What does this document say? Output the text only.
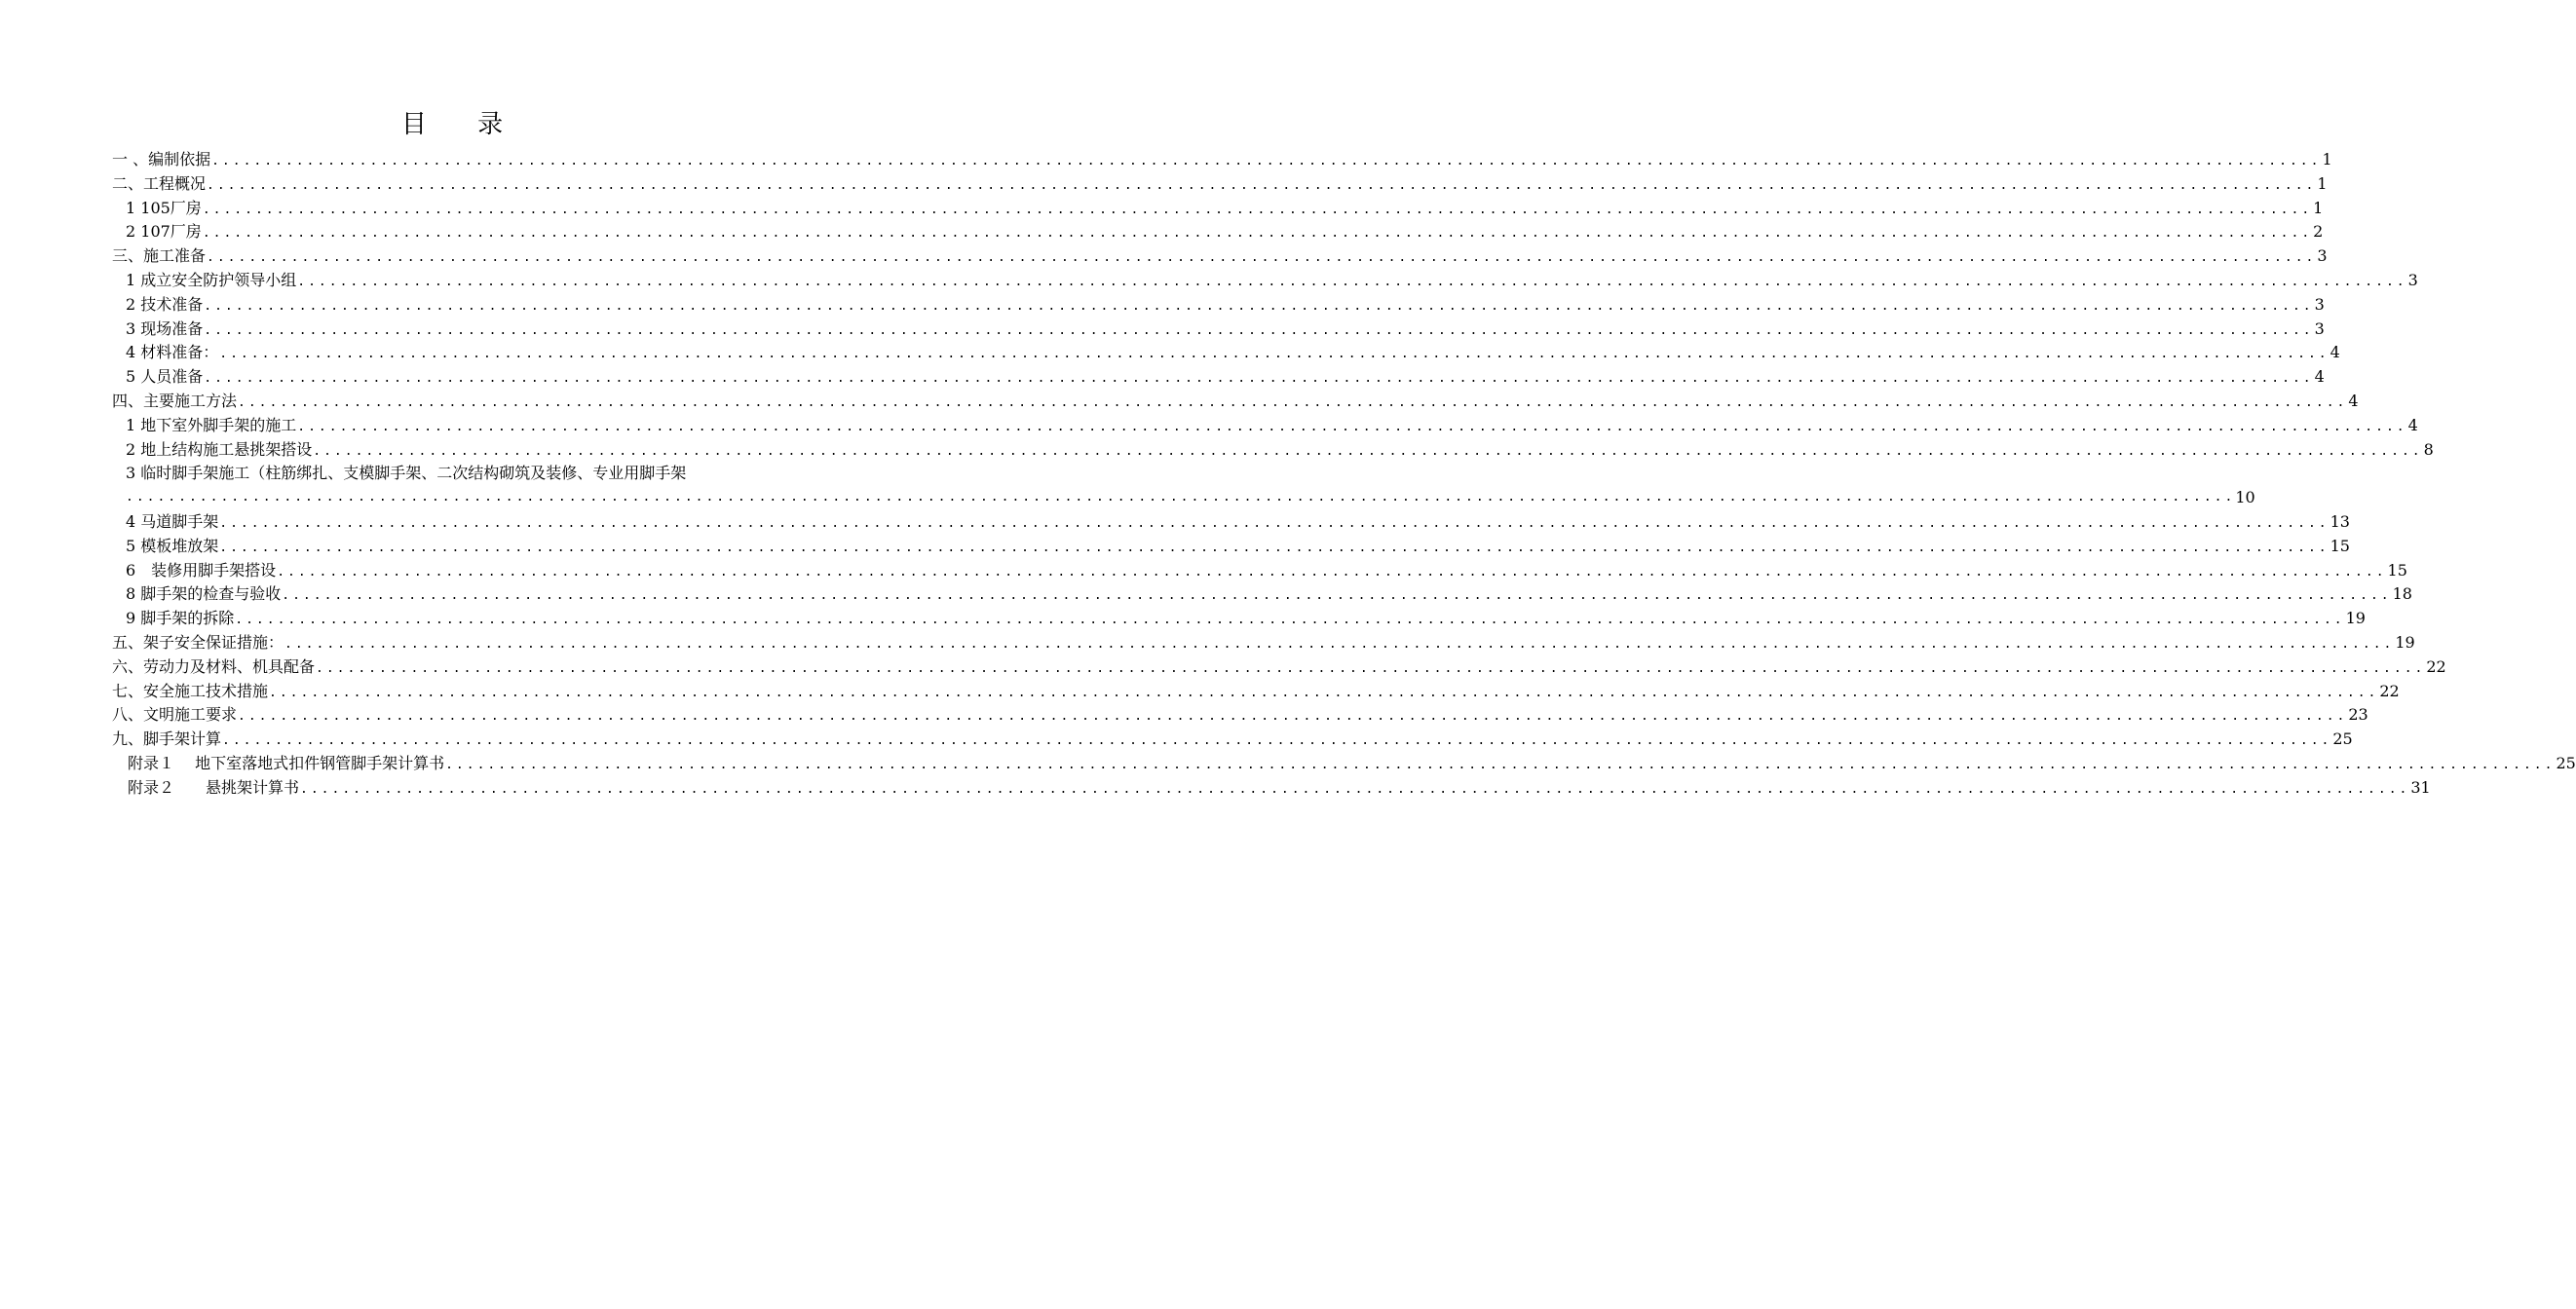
目 录
一 、编制依据 ........................................................................................................................................................................................................ 1
二、工程概况 ........................................................................................................................................................................................................ 1
1 105厂房 ........................................................................................................................................................................................................ 1
2 107厂房 ........................................................................................................................................................................................................ 2
三、施工准备 ........................................................................................................................................................................................................ 3
1 成立安全防护领导小组 ........................................................................................................................................................................................................ 3
2 技术准备 ........................................................................................................................................................................................................ 3
3 现场准备 ........................................................................................................................................................................................................ 3
4 材料准备： ........................................................................................................................................................................................................ 4
5 人员准备 ........................................................................................................................................................................................................ 4
四、主要施工方法 ........................................................................................................................................................................................................ 4
1 地下室外脚手架的施工 ........................................................................................................................................................................................................ 4
2 地上结构施工悬挑架搭设 ........................................................................................................................................................................................................ 8
3 临时脚手架施工（柱筋绑扎、支模脚手架、二次结构砌筑及装修、专业用脚手架
........................................................................................................................................................................................................ 10
4 马道脚手架 ........................................................................................................................................................................................................ 13
5 模板堆放架 ........................................................................................................................................................................................................ 15
6　装修用脚手架搭设 ........................................................................................................................................................................................................ 15
8 脚手架的检查与验收 ........................................................................................................................................................................................................ 18
9 脚手架的拆除 ........................................................................................................................................................................................................ 19
五、架子安全保证措施： ........................................................................................................................................................................................................ 19
六、劳动力及材料、机具配备 ........................................................................................................................................................................................................ 22
七、安全施工技术措施 ........................................................................................................................................................................................................ 22
八、文明施工要求 ........................................................................................................................................................................................................ 23
九、脚手架计算 ........................................................................................................................................................................................................ 25
附录１　 地下室落地式扣件钢管脚手架计算书 ........................................................................................................................................................................................................ 25
附录２　　悬挑架计算书 ........................................................................................................................................................................................................ 31
